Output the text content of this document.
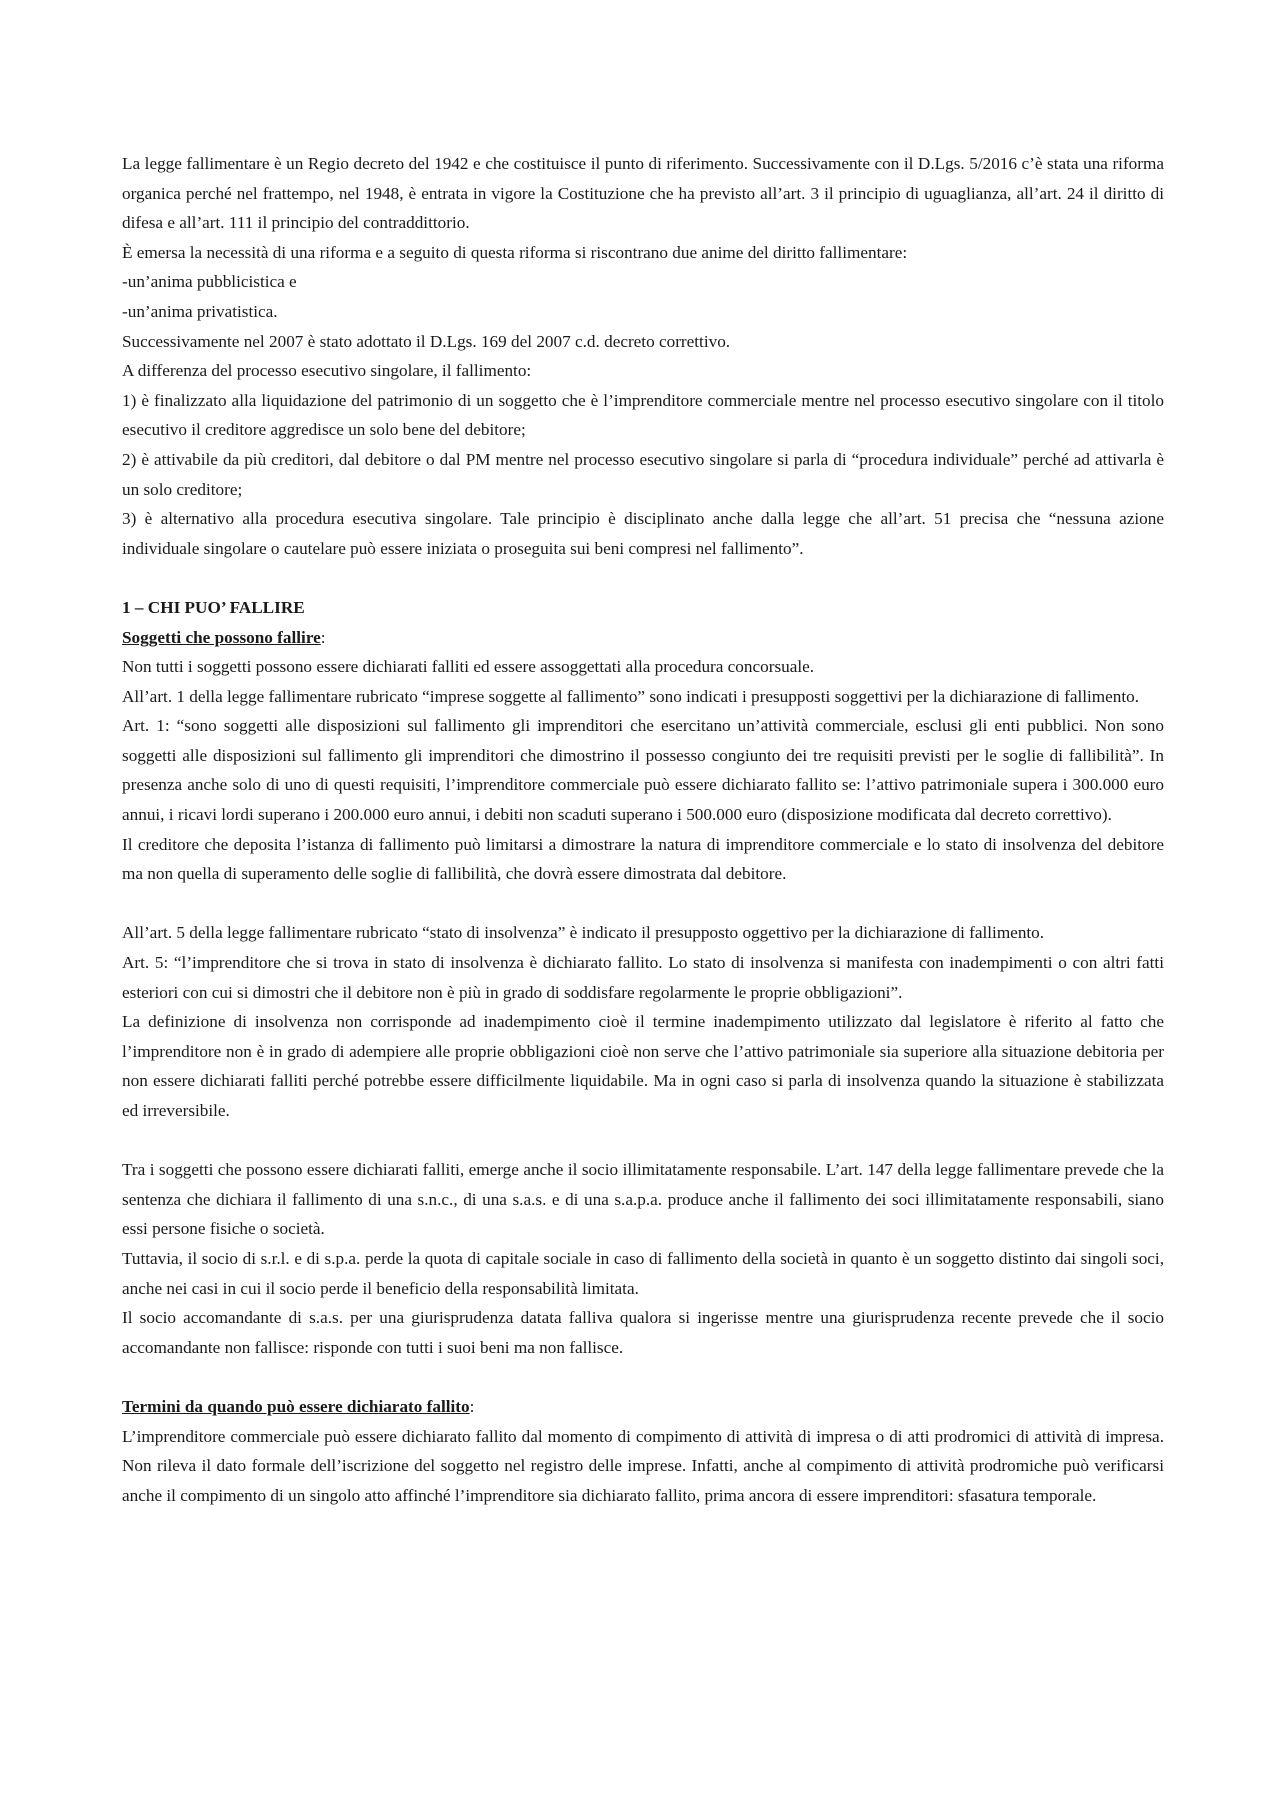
La legge fallimentare è un Regio decreto del 1942 e che costituisce il punto di riferimento. Successivamente con il D.Lgs. 5/2016 c’è stata una riforma organica perché nel frattempo, nel 1948, è entrata in vigore la Costituzione che ha previsto all’art. 3 il principio di uguaglianza, all’art. 24 il diritto di difesa e all’art. 111 il principio del contraddittorio.

È emersa la necessità di una riforma e a seguito di questa riforma si riscontrano due anime del diritto fallimentare:

-un’anima pubblicistica e

-un’anima privatistica.

Successivamente nel 2007 è stato adottato il D.Lgs. 169 del 2007 c.d. decreto correttivo.

A differenza del processo esecutivo singolare, il fallimento:

1) è finalizzato alla liquidazione del patrimonio di un soggetto che è l’imprenditore commerciale mentre nel processo esecutivo singolare con il titolo esecutivo il creditore aggredisce un solo bene del debitore;

2) è attivabile da più creditori, dal debitore o dal PM mentre nel processo esecutivo singolare si parla di “procedura individuale” perché ad attivarla è un solo creditore;

3) è alternativo alla procedura esecutiva singolare. Tale principio è disciplinato anche dalla legge che all’art. 51 precisa che “nessuna azione individuale singolare o cautelare può essere iniziata o proseguita sui beni compresi nel fallimento”.

1 – CHI PUO’ FALLIRE

Soggetti che possono fallire:

Non tutti i soggetti possono essere dichiarati falliti ed essere assoggettati alla procedura concorsuale.

All’art. 1 della legge fallimentare rubricato “imprese soggette al fallimento” sono indicati i presupposti soggettivi per la dichiarazione di fallimento.

Art. 1: “sono soggetti alle disposizioni sul fallimento gli imprenditori che esercitano un’attività commerciale, esclusi gli enti pubblici. Non sono soggetti alle disposizioni sul fallimento gli imprenditori che dimostrino il possesso congiunto dei tre requisiti previsti per le soglie di fallibilità”. In presenza anche solo di uno di questi requisiti, l’imprenditore commerciale può essere dichiarato fallito se: l’attivo patrimoniale supera i 300.000 euro annui, i ricavi lordi superano i 200.000 euro annui, i debiti non scaduti superano i 500.000 euro (disposizione modificata dal decreto correttivo).

Il creditore che deposita l’istanza di fallimento può limitarsi a dimostrare la natura di imprenditore commerciale e lo stato di insolvenza del debitore ma non quella di superamento delle soglie di fallibilità, che dovrà essere dimostrata dal debitore.

All’art. 5 della legge fallimentare rubricato “stato di insolvenza” è indicato il presupposto oggettivo per la dichiarazione di fallimento.

Art. 5: “l’imprenditore che si trova in stato di insolvenza è dichiarato fallito. Lo stato di insolvenza si manifesta con inadempimenti o con altri fatti esteriori con cui si dimostri che il debitore non è più in grado di soddisfare regolarmente le proprie obbligazioni”.

La definizione di insolvenza non corrisponde ad inadempimento cioè il termine inadempimento utilizzato dal legislatore è riferito al fatto che l’imprenditore non è in grado di adempiere alle proprie obbligazioni cioè non serve che l’attivo patrimoniale sia superiore alla situazione debitoria per non essere dichiarati falliti perché potrebbe essere difficilmente liquidabile. Ma in ogni caso si parla di insolvenza quando la situazione è stabilizzata ed irreversibile.

Tra i soggetti che possono essere dichiarati falliti, emerge anche il socio illimitatamente responsabile. L’art. 147 della legge fallimentare prevede che la sentenza che dichiara il fallimento di una s.n.c., di una s.a.s. e di una s.a.p.a. produce anche il fallimento dei soci illimitatamente responsabili, siano essi persone fisiche o società.

Tuttavia, il socio di s.r.l. e di s.p.a. perde la quota di capitale sociale in caso di fallimento della società in quanto è un soggetto distinto dai singoli soci, anche nei casi in cui il socio perde il beneficio della responsabilità limitata.

Il socio accomandante di s.a.s. per una giurisprudenza datata falliva qualora si ingerisse mentre una giurisprudenza recente prevede che il socio accomandante non fallisce: risponde con tutti i suoi beni ma non fallisce.

Termini da quando può essere dichiarato fallito:

L’imprenditore commerciale può essere dichiarato fallito dal momento di compimento di attività di impresa o di atti prodromici di attività di impresa. Non rileva il dato formale dell’iscrizione del soggetto nel registro delle imprese. Infatti, anche al compimento di attività prodromiche può verificarsi anche il compimento di un singolo atto affinché l’imprenditore sia dichiarato fallito, prima ancora di essere imprenditori: sfasatura temporale.
